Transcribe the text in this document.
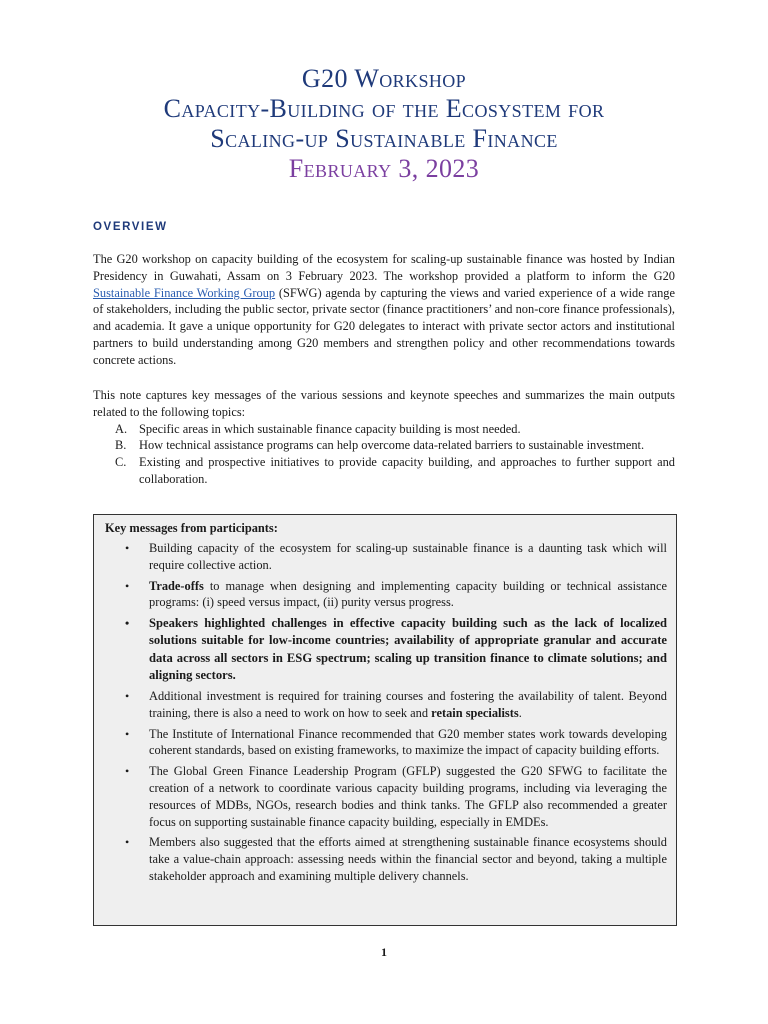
G20 Workshop
Capacity-Building of the Ecosystem for
Scaling-up Sustainable Finance
February 3, 2023
OVERVIEW
The G20 workshop on capacity building of the ecosystem for scaling-up sustainable finance was hosted by Indian Presidency in Guwahati, Assam on 3 February 2023. The workshop provided a platform to inform the G20 Sustainable Finance Working Group (SFWG) agenda by capturing the views and varied experience of a wide range of stakeholders, including the public sector, private sector (finance practitioners’ and non-core finance professionals), and academia. It gave a unique opportunity for G20 delegates to interact with private sector actors and institutional partners to build understanding among G20 members and strengthen policy and other recommendations towards concrete actions.
This note captures key messages of the various sessions and keynote speeches and summarizes the main outputs related to the following topics:
A. Specific areas in which sustainable finance capacity building is most needed.
B. How technical assistance programs can help overcome data-related barriers to sustainable investment.
C. Existing and prospective initiatives to provide capacity building, and approaches to further support and collaboration.
Key messages from participants:
• Building capacity of the ecosystem for scaling-up sustainable finance is a daunting task which will require collective action.
• Trade-offs to manage when designing and implementing capacity building or technical assistance programs: (i) speed versus impact, (ii) purity versus progress.
• Speakers highlighted challenges in effective capacity building such as the lack of localized solutions suitable for low-income countries; availability of appropriate granular and accurate data across all sectors in ESG spectrum; scaling up transition finance to climate solutions; and aligning sectors.
• Additional investment is required for training courses and fostering the availability of talent. Beyond training, there is also a need to work on how to seek and retain specialists.
• The Institute of International Finance recommended that G20 member states work towards developing coherent standards, based on existing frameworks, to maximize the impact of capacity building efforts.
• The Global Green Finance Leadership Program (GFLP) suggested the G20 SFWG to facilitate the creation of a network to coordinate various capacity building programs, including via leveraging the resources of MDBs, NGOs, research bodies and think tanks. The GFLP also recommended a greater focus on supporting sustainable finance capacity building, especially in EMDEs.
• Members also suggested that the efforts aimed at strengthening sustainable finance ecosystems should take a value-chain approach: assessing needs within the financial sector and beyond, taking a multiple stakeholder approach and examining multiple delivery channels.
1
